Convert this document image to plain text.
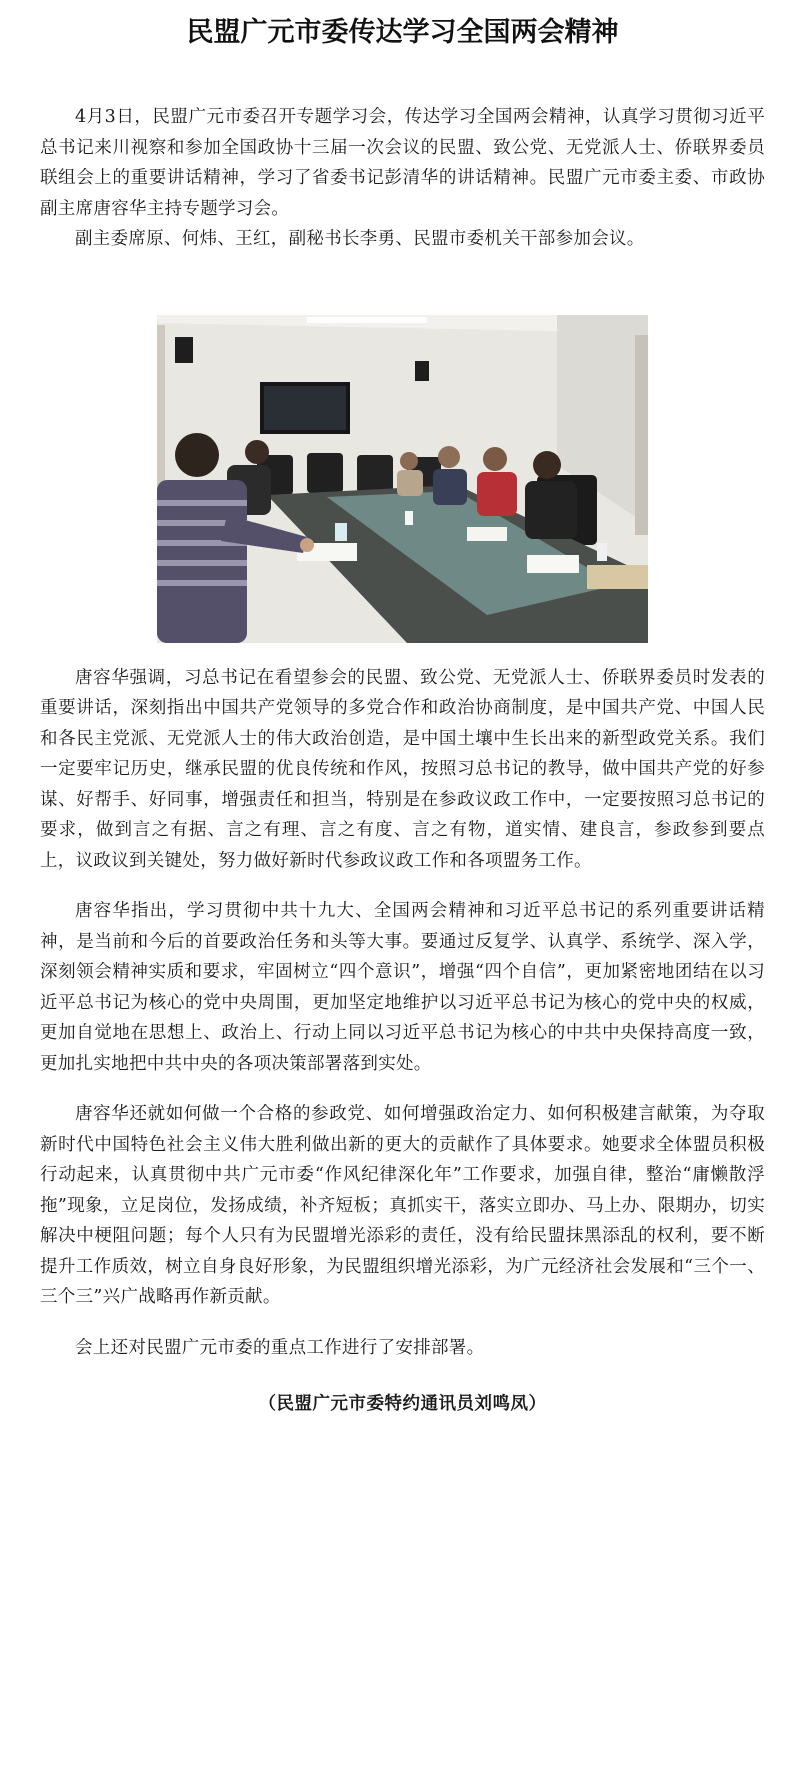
民盟广元市委传达学习全国两会精神

4月3日，民盟广元市委召开专题学习会，传达学习全国两会精神，认真学习贯彻习近平总书记来川视察和参加全国政协十三届一次会议的民盟、致公党、无党派人士、侨联界委员联组会上的重要讲话精神，学习了省委书记彭清华的讲话精神。民盟广元市委主委、市政协副主席唐容华主持专题学习会。

副主委席原、何炜、王红，副秘书长李勇、民盟市委机关干部参加会议。

唐容华强调，习总书记在看望参会的民盟、致公党、无党派人士、侨联界委员时发表的重要讲话，深刻指出中国共产党领导的多党合作和政治协商制度，是中国共产党、中国人民和各民主党派、无党派人士的伟大政治创造，是中国土壤中生长出来的新型政党关系。我们一定要牢记历史，继承民盟的优良传统和作风，按照习总书记的教导，做中国共产党的好参谋、好帮手、好同事，增强责任和担当，特别是在参政议政工作中，一定要按照习总书记的要求，做到言之有据、言之有理、言之有度、言之有物，道实情、建良言，参政参到要点上，议政议到关键处，努力做好新时代参政议政工作和各项盟务工作。

唐容华指出，学习贯彻中共十九大、全国两会精神和习近平总书记的系列重要讲话精神，是当前和今后的首要政治任务和头等大事。要通过反复学、认真学、系统学、深入学，深刻领会精神实质和要求，牢固树立“四个意识”，增强“四个自信”，更加紧密地团结在以习近平总书记为核心的党中央周围，更加坚定地维护以习近平总书记为核心的党中央的权威，更加自觉地在思想上、政治上、行动上同以习近平总书记为核心的中共中央保持高度一致，更加扎实地把中共中央的各项决策部署落到实处。

唐容华还就如何做一个合格的参政党、如何增强政治定力、如何积极建言献策，为夺取新时代中国特色社会主义伟大胜利做出新的更大的贡献作了具体要求。她要求全体盟员积极行动起来，认真贯彻中共广元市委“作风纪律深化年”工作要求，加强自律，整治“庸懒散浮拖”现象，立足岗位，发扬成绩，补齐短板；真抓实干，落实立即办、马上办、限期办，切实解决中梗阻问题；每个人只有为民盟增光添彩的责任，没有给民盟抹黑添乱的权利，要不断提升工作质效，树立自身良好形象，为民盟组织增光添彩，为广元经济社会发展和“三个一、三个三”兴广战略再作新贡献。

会上还对民盟广元市委的重点工作进行了安排部署。

（民盟广元市委特约通讯员刘鸣凤）
